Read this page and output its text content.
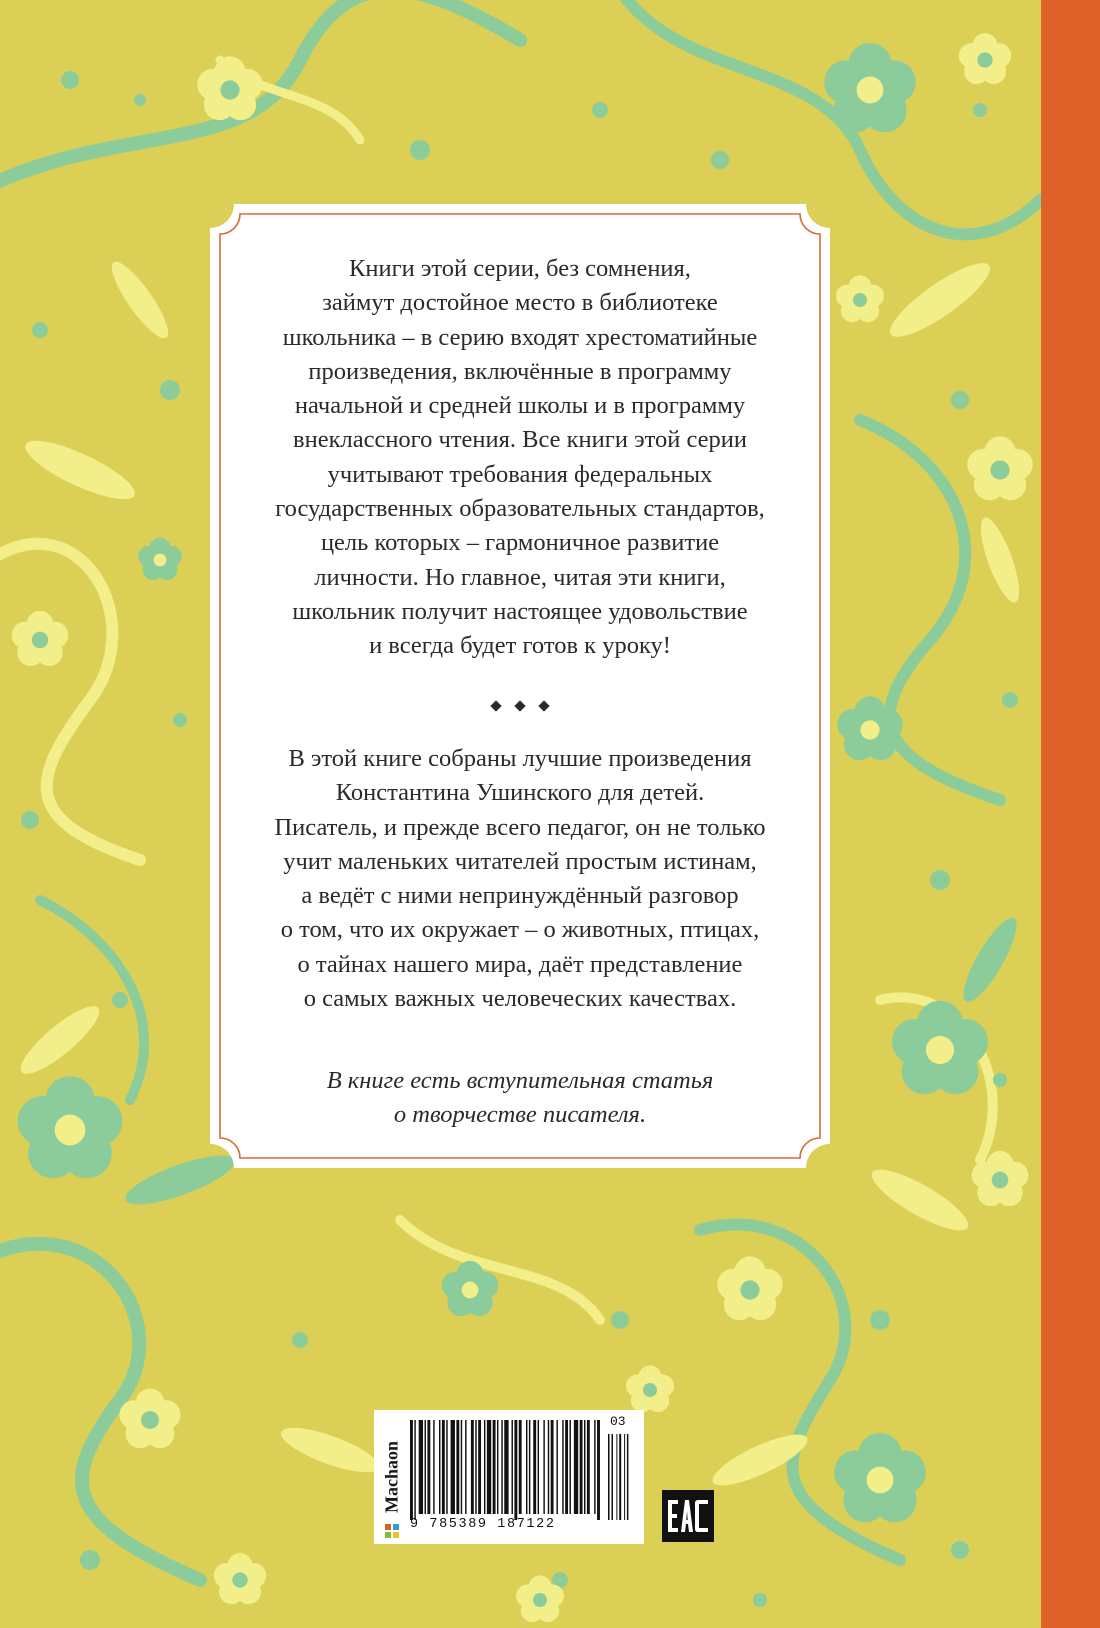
Книги этой серии, без сомнения,
займут достойное место в библиотеке
школьника – в серию входят хрестоматийные
произведения, включённые в программу
начальной и средней школы и в программу
внеклассного чтения. Все книги этой серии
учитывают требования федеральных
государственных образовательных стандартов,
цель которых – гармоничное развитие
личности. Но главное, читая эти книги,
школьник получит настоящее удовольствие
и всегда будет готов к уроку!
В этой книге собраны лучшие произведения
Константина Ушинского для детей.
Писатель, и прежде всего педагог, он не только
учит маленьких читателей простым истинам,
а ведёт с ними непринуждённый разговор
о том, что их окружает – о животных, птицах,
о тайнах нашего мира, даёт представление
о самых важных человеческих качествах.
В книге есть вступительная статья
о творчестве писателя.
Machaon
9 785389 187122
03
